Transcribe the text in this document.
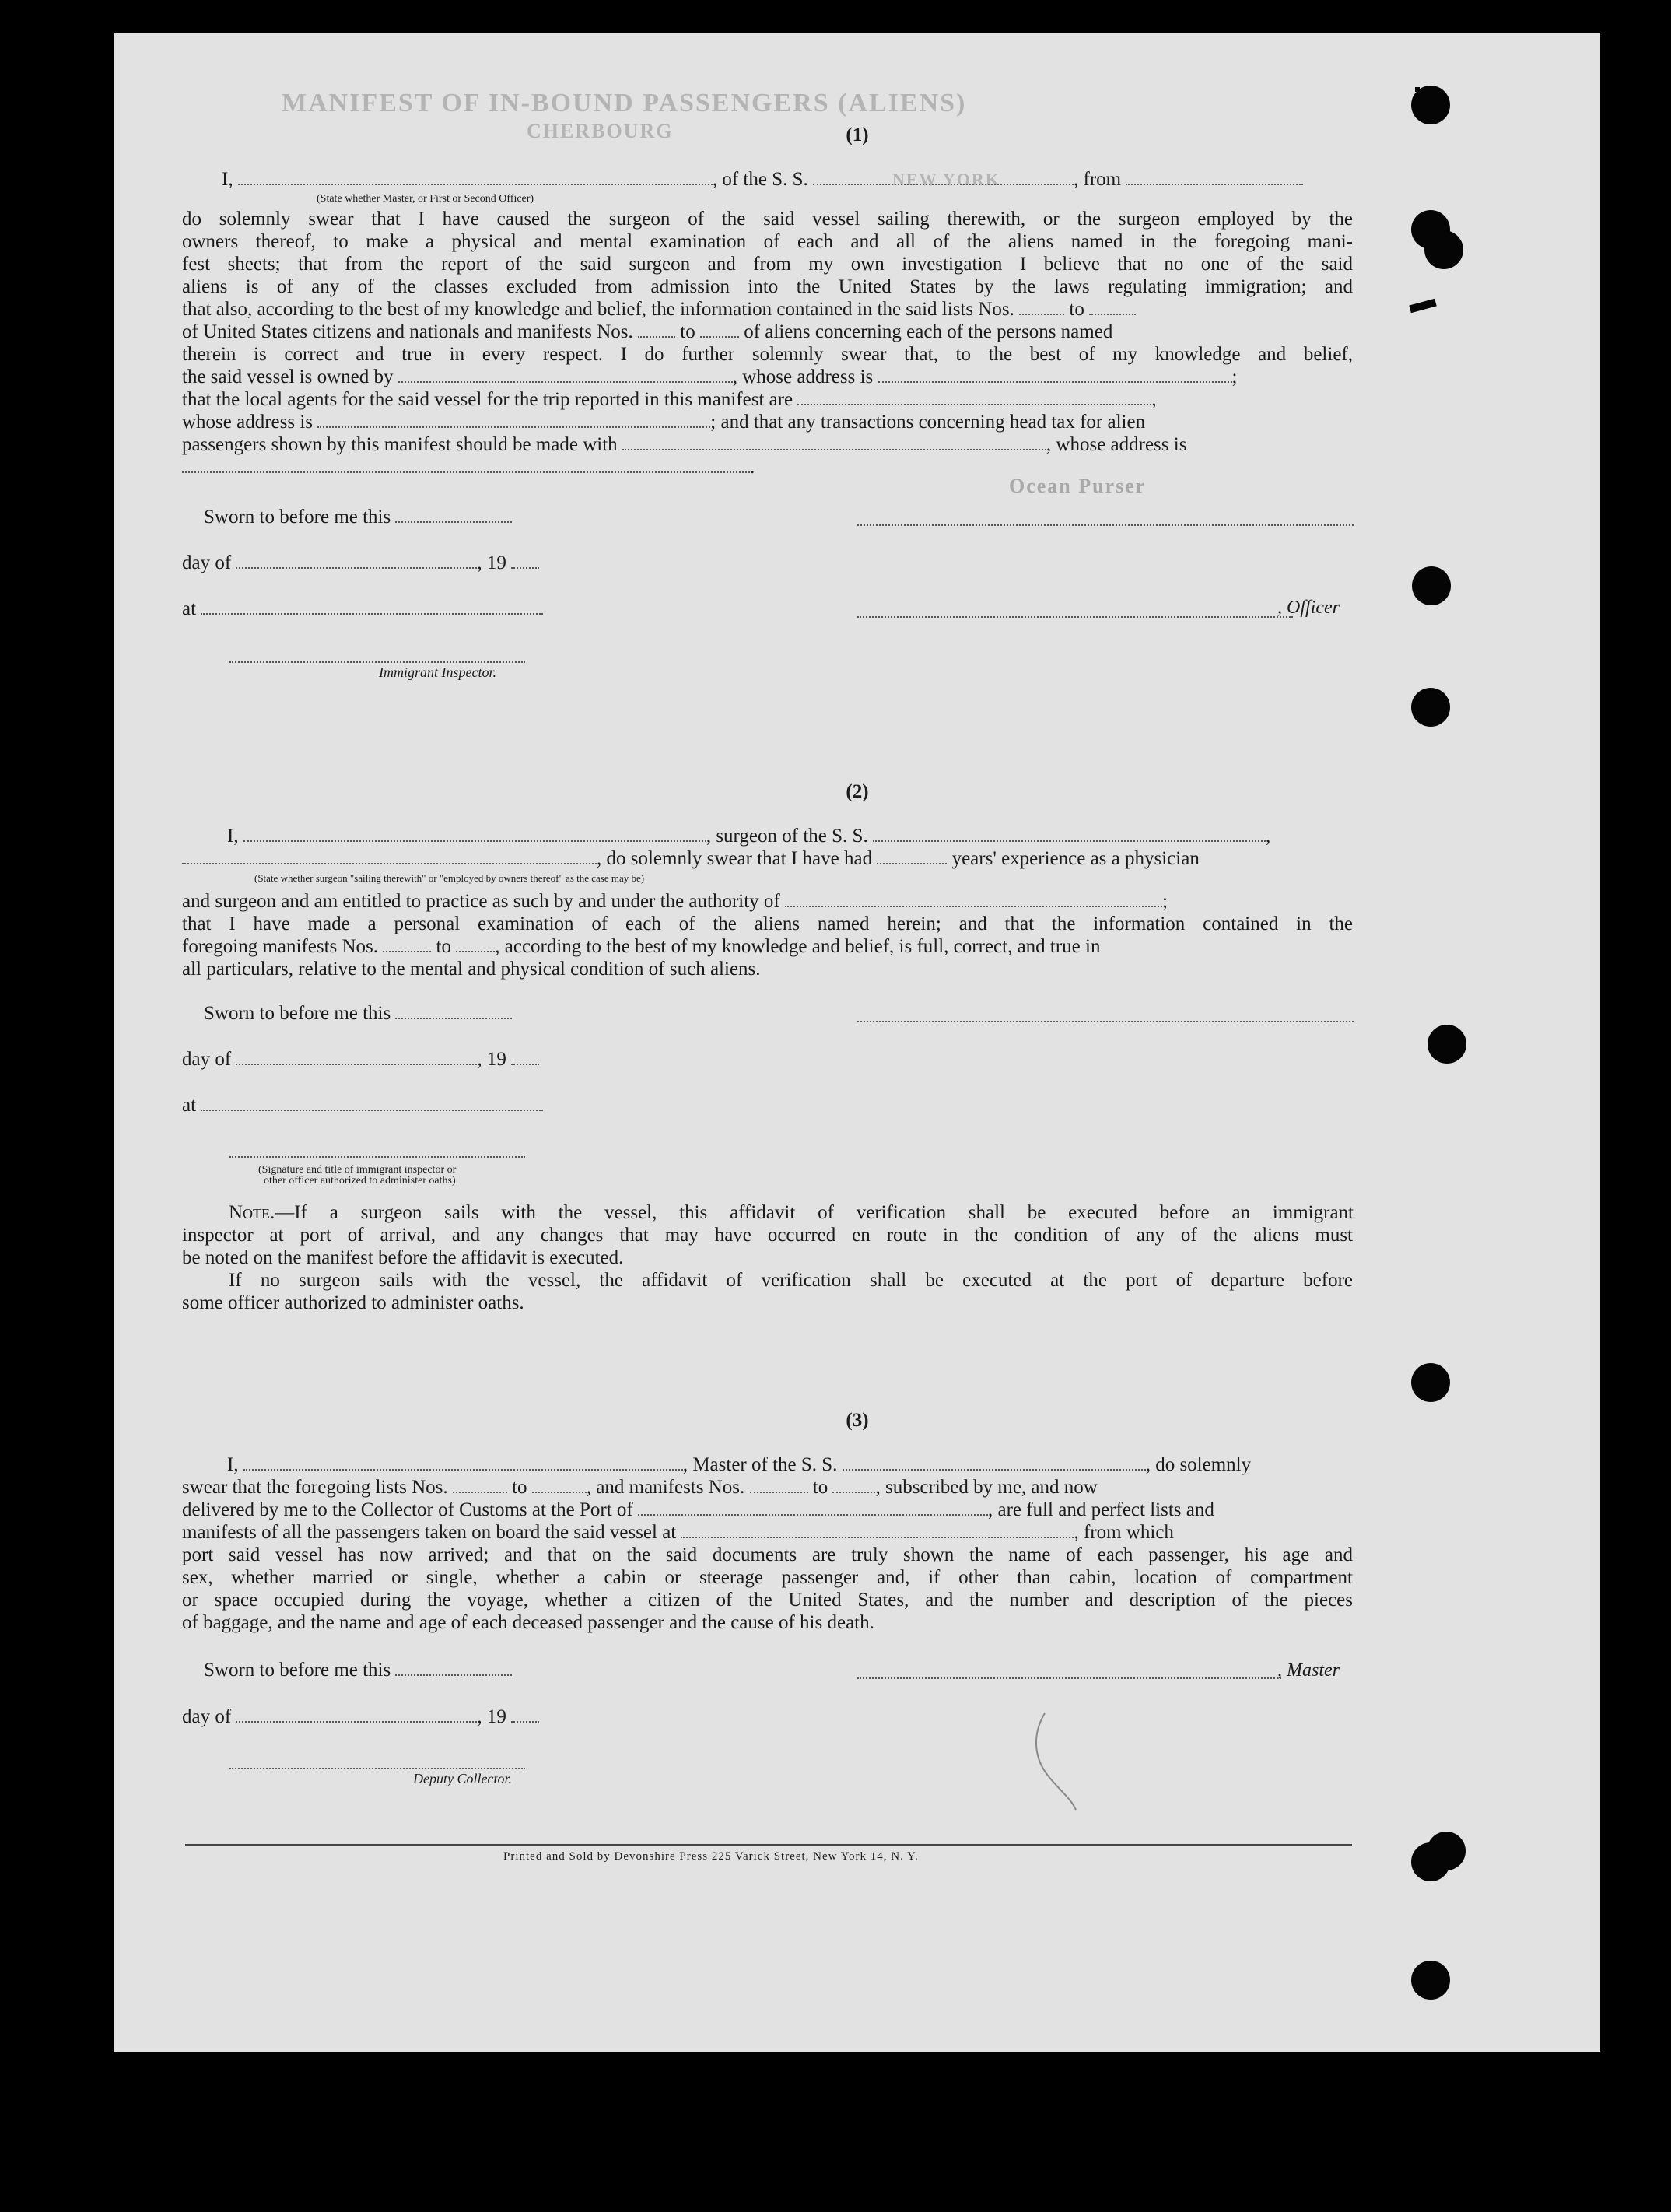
MANIFEST OF IN-BOUND PASSENGERS (ALIENS)
CHERBOURG
NEW YORK
Ocean Purser
(1)
I,	, of the S. S.	, from
(State whether Master, or First or Second Officer)
do solemnly swear that I have caused the surgeon of the said vessel sailing therewith, or the surgeon employed by the
owners thereof, to make a physical and mental examination of each and all of the aliens named in the foregoing mani-
fest sheets; that from the report of the said surgeon and from my own investigation I believe that no one of the said
aliens is of any of the classes excluded from admission into the United States by the laws regulating immigration; and
that also, according to the best of my knowledge and belief, the information contained in the said lists Nos.	to
of United States citizens and nationals and manifests Nos. to	of aliens concerning each of the persons named
therein is correct and true in every respect. I do further solemnly swear that, to the best of my knowledge and belief,
the said vessel is owned by	, whose address is	;
that the local agents for the said vessel for the trip reported in this manifest are	,
whose address is	; and that any transactions concerning head tax for alien
passengers shown by this manifest should be made with	, whose address is
.
Sworn to before me this
day of	, 19
at	, Officer
Immigrant Inspector.
(2)
I,	, surgeon of the S. S.	,
, do solemnly swear that I have had	years' experience as a physician
(State whether surgeon "sailing therewith" or "employed by owners thereof" as the case may be)
and surgeon and am entitled to practice as such by and under the authority of	;
that I have made a personal examination of each of the aliens named herein; and that the information contained in the
foregoing manifests Nos.	to , according to the best of my knowledge and belief, is full, correct, and true in
all particulars, relative to the mental and physical condition of such aliens.
Sworn to before me this
day of	, 19
at
(Signature and title of immigrant inspector or
other officer authorized to administer oaths)
Note.—If a surgeon sails with the vessel, this affidavit of verification shall be executed before an immigrant
inspector at port of arrival, and any changes that may have occurred en route in the condition of any of the aliens must
be noted on the manifest before the affidavit is executed.
If no surgeon sails with the vessel, the affidavit of verification shall be executed at the port of departure before
some officer authorized to administer oaths.
(3)
I,	, Master of the S. S.	, do solemnly
swear that the foregoing lists Nos.	to	, and manifests Nos.	to , subscribed by me, and now
delivered by me to the Collector of Customs at the Port of	, are full and perfect lists and
manifests of all the passengers taken on board the said vessel at	, from which
port said vessel has now arrived; and that on the said documents are truly shown the name of each passenger, his age and
sex, whether married or single, whether a cabin or steerage passenger and, if other than cabin, location of compartment
or space occupied during the voyage, whether a citizen of the United States, and the number and description of the pieces
of baggage, and the name and age of each deceased passenger and the cause of his death.
Sworn to before me this	, Master
day of	, 19
Deputy Collector.
Printed and Sold by Devonshire Press 225 Varick Street, New York 14, N. Y.
